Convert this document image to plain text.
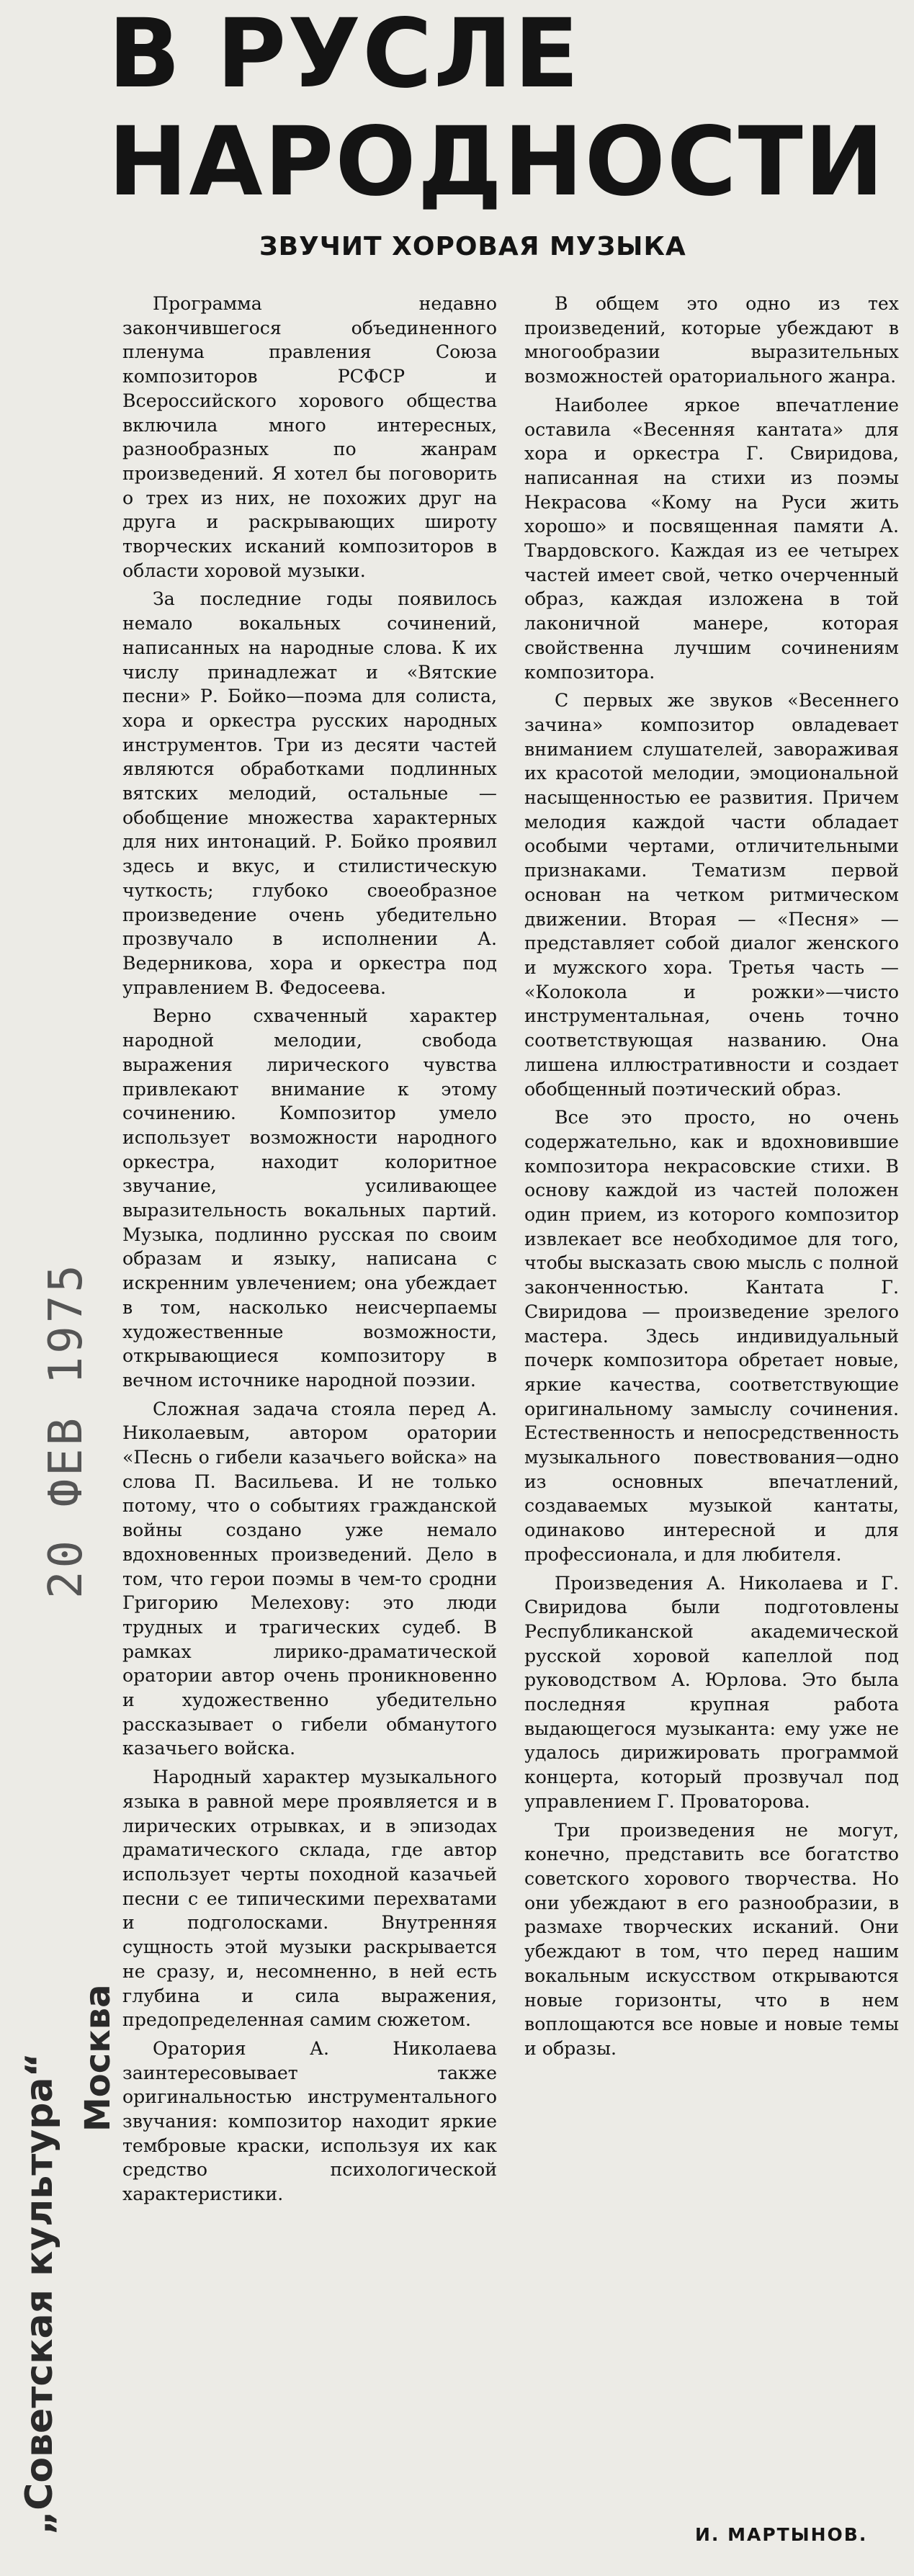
В РУСЛЕ
НАРОДНОСТИ
ЗВУЧИТ ХОРОВАЯ МУЗЫКА

Программа недавно закончившегося объединенного пленума правления Союза композиторов РСФСР и Всероссийского хорового общества включила много интересных, разнообразных по жанрам произведений. Я хотел бы поговорить о трех из них, не похожих друг на друга и раскрывающих широту творческих исканий композиторов в области хоровой музыки.

За последние годы появилось немало вокальных сочинений, написанных на народные слова. К их числу принадлежат и «Вятские песни» Р. Бойко—поэма для солиста, хора и оркестра русских народных инструментов. Три из десяти частей являются обработками подлинных вятских мелодий, остальные — обобщение множества характерных для них интонаций. Р. Бойко проявил здесь и вкус, и стилистическую чуткость; глубоко своеобразное произведение очень убедительно прозвучало в исполнении А. Ведерникова, хора и оркестра под управлением В. Федосеева.

Верно схваченный характер народной мелодии, свобода выражения лирического чувства привлекают внимание к этому сочинению. Композитор умело использует возможности народного оркестра, находит колоритное звучание, усиливающее выразительность вокальных партий. Музыка, подлинно русская по своим образам и языку, написана с искренним увлечением; она убеждает в том, насколько неисчерпаемы художественные возможности, открывающиеся композитору в вечном источнике народной поэзии.

Сложная задача стояла перед А. Николаевым, автором оратории «Песнь о гибели казачьего войска» на слова П. Васильева. И не только потому, что о событиях гражданской войны создано уже немало вдохновенных произведений. Дело в том, что герои поэмы в чем-то сродни Григорию Мелехову: это люди трудных и трагических судеб. В рамках лирико-драматической оратории автор очень проникновенно и художественно убедительно рассказывает о гибели обманутого казачьего войска.

Народный характер музыкального языка в равной мере проявляется и в лирических отрывках, и в эпизодах драматического склада, где автор использует черты походной казачьей песни с ее типическими перехватами и подголосками. Внутренняя сущность этой музыки раскрывается не сразу, и, несомненно, в ней есть глубина и сила выражения, предопределенная самим сюжетом.

Оратория А. Николаева заинтересовывает также оригинальностью инструментального звучания: композитор находит яркие тембровые краски, используя их как средство психологической характеристики.

В общем это одно из тех произведений, которые убеждают в многообразии выразительных возможностей ораториального жанра.

Наиболее яркое впечатление оставила «Весенняя кантата» для хора и оркестра Г. Свиридова, написанная на стихи из поэмы Некрасова «Кому на Руси жить хорошо» и посвященная памяти А. Твардовского. Каждая из ее четырех частей имеет свой, четко очерченный образ, каждая изложена в той лаконичной манере, которая свойственна лучшим сочинениям композитора.

С первых же звуков «Весеннего зачина» композитор овладевает вниманием слушателей, завораживая их красотой мелодии, эмоциональной насыщенностью ее развития. Причем мелодия каждой части обладает особыми чертами, отличительными признаками. Тематизм первой основан на четком ритмическом движении. Вторая — «Песня» — представляет собой диалог женского и мужского хора. Третья часть — «Колокола и рожки»—чисто инструментальная, очень точно соответствующая названию. Она лишена иллюстративности и создает обобщенный поэтический образ.

Все это просто, но очень содержательно, как и вдохновившие композитора некрасовские стихи. В основу каждой из частей положен один прием, из которого композитор извлекает все необходимое для того, чтобы высказать свою мысль с полной законченностью. Кантата Г. Свиридова — произведение зрелого мастера. Здесь индивидуальный почерк композитора обретает новые, яркие качества, соответствующие оригинальному замыслу сочинения. Естественность и непосредственность музыкального повествования—одно из основных впечатлений, создаваемых музыкой кантаты, одинаково интересной и для профессионала, и для любителя.

Произведения А. Николаева и Г. Свиридова были подготовлены Республиканской академической русской хоровой капеллой под руководством А. Юрлова. Это была последняя крупная работа выдающегося музыканта: ему уже не удалось дирижировать программой концерта, который прозвучал под управлением Г. Проваторова.

Три произведения не могут, конечно, представить все богатство советского хорового творчества. Но они убеждают в его разнообразии, в размахе творческих исканий. Они убеждают в том, что перед нашим вокальным искусством открываются новые горизонты, что в нем воплощаются все новые и новые темы и образы.

И. МАРТЫНОВ.

„Советская культура“ Москва

20 ФЕВ 1975
